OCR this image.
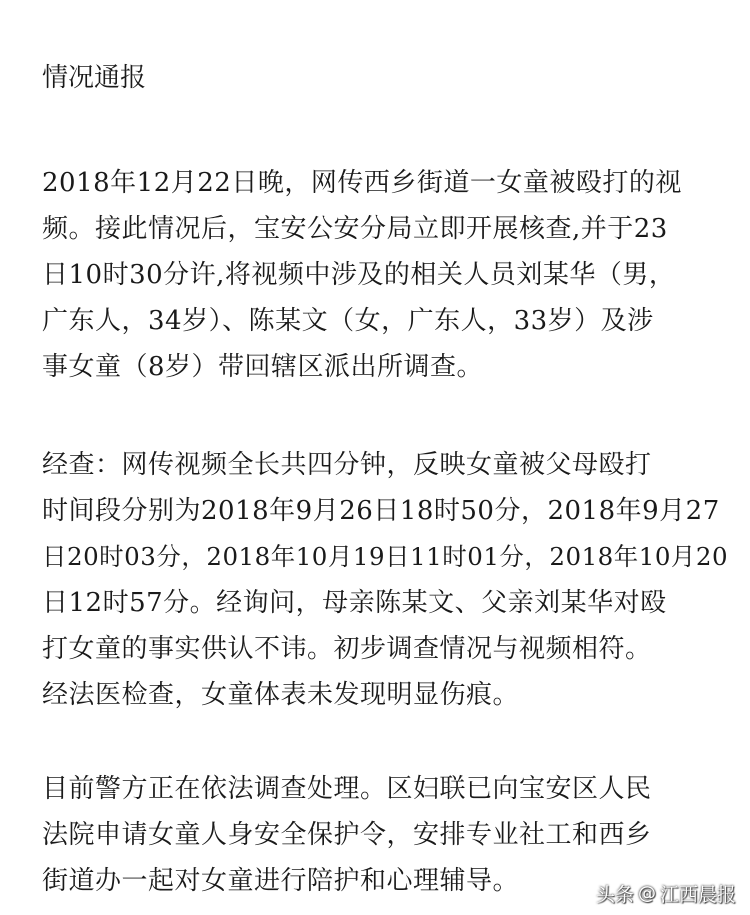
情况通报
2018年12月22日晚，网传西乡街道一女童被殴打的视
频。接此情况后，宝安公安分局立即开展核查,并于23
日10时30分许,将视频中涉及的相关人员刘某华（男，
广东人，34岁）、陈某文（女，广东人，33岁）及涉
事女童（8岁）带回辖区派出所调查。
经查：网传视频全长共四分钟，反映女童被父母殴打
时间段分别为2018年9月26日18时50分，2018年9月27
日20时03分，2018年10月19日11时01分，2018年10月20
日12时57分。经询问，母亲陈某文、父亲刘某华对殴
打女童的事实供认不讳。初步调查情况与视频相符。
经法医检查，女童体表未发现明显伤痕。
目前警方正在依法调查处理。区妇联已向宝安区人民
法院申请女童人身安全保护令，安排专业社工和西乡
街道办一起对女童进行陪护和心理辅导。	头条 @ 江西晨报
